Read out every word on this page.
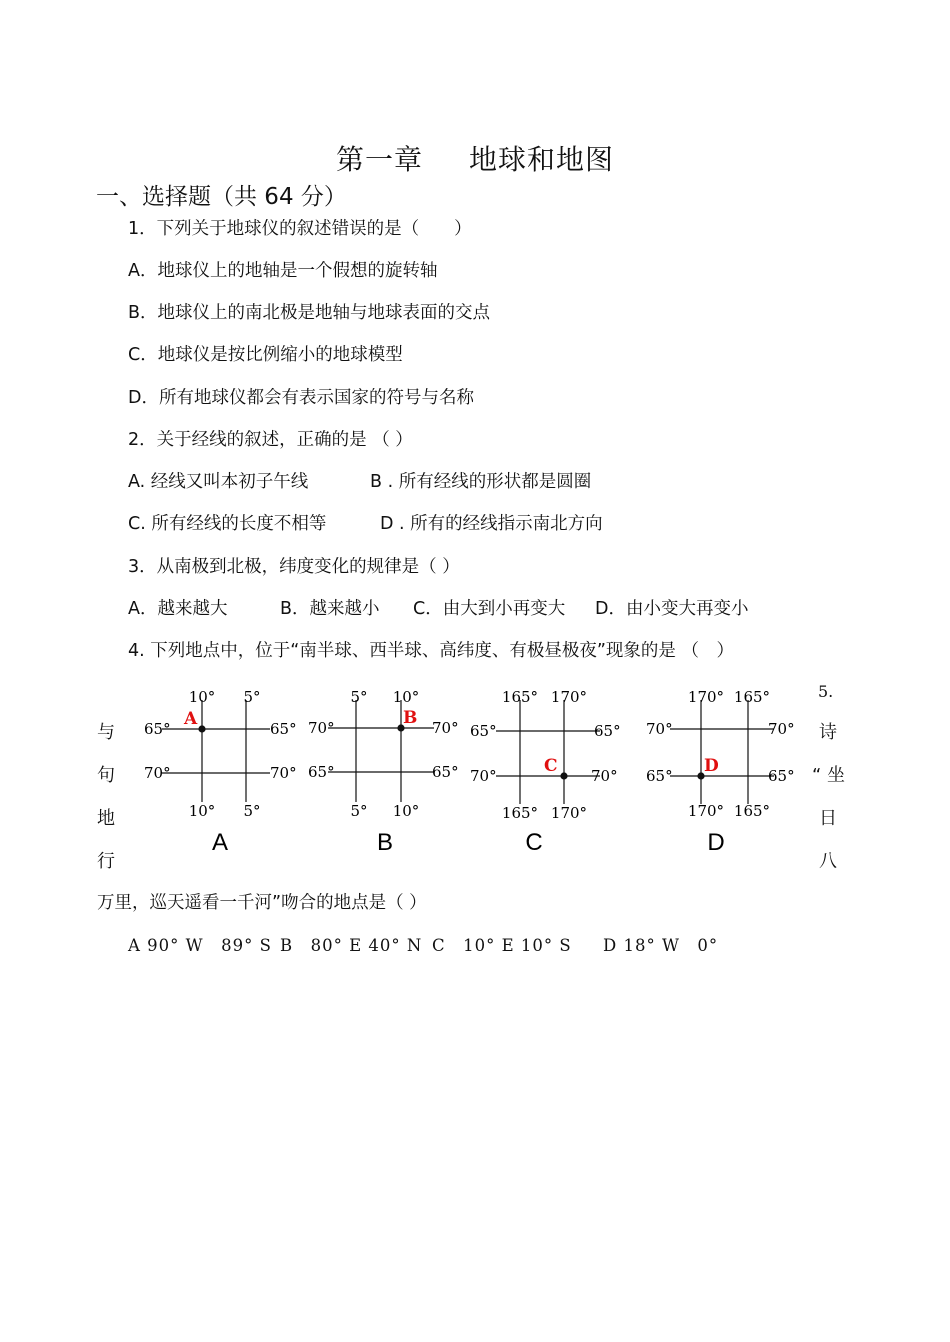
第一章 地球和地图
一、选择题（共 64 分）
1．下列关于地球仪的叙述错误的是（　　）
A．地球仪上的地轴是一个假想的旋转轴
B．地球仪上的南北极是地轴与地球表面的交点
C．地球仪是按比例缩小的地球模型
D．所有地球仪都会有表示国家的符号与名称
2．关于经线的叙述，正确的是 （ ）
A. 经线又叫本初子午线	B . 所有经线的形状都是圆圈
C. 所有经线的长度不相等	D . 所有的经线指示南北方向
3．从南极到北极，纬度变化的规律是（ ）
A．越来越大	B．越来越小 C．由大到小再变大 D．由小变大再变小
4. 下列地点中，位于“南半球、西半球、高纬度、有极昼极夜”现象的是 （　）
5.
与
句
地
行
诗
“ 坐
日
八
10° 5°
10° 5°
65°
70°
65°
70°
A
A
5° 10°
5° 10°
70°
65°
70°
65°
B
B
165° 170°
165° 170°
65°
70°
65°
70°
C
C
170° 165°
170° 165°
70°
65°
70°
65°
D
D
万里，巡天遥看一千河”吻合的地点是（ ）
A 90° W　89° S B　80° E 40° N C　10° E 10° S D 18° W　0°
